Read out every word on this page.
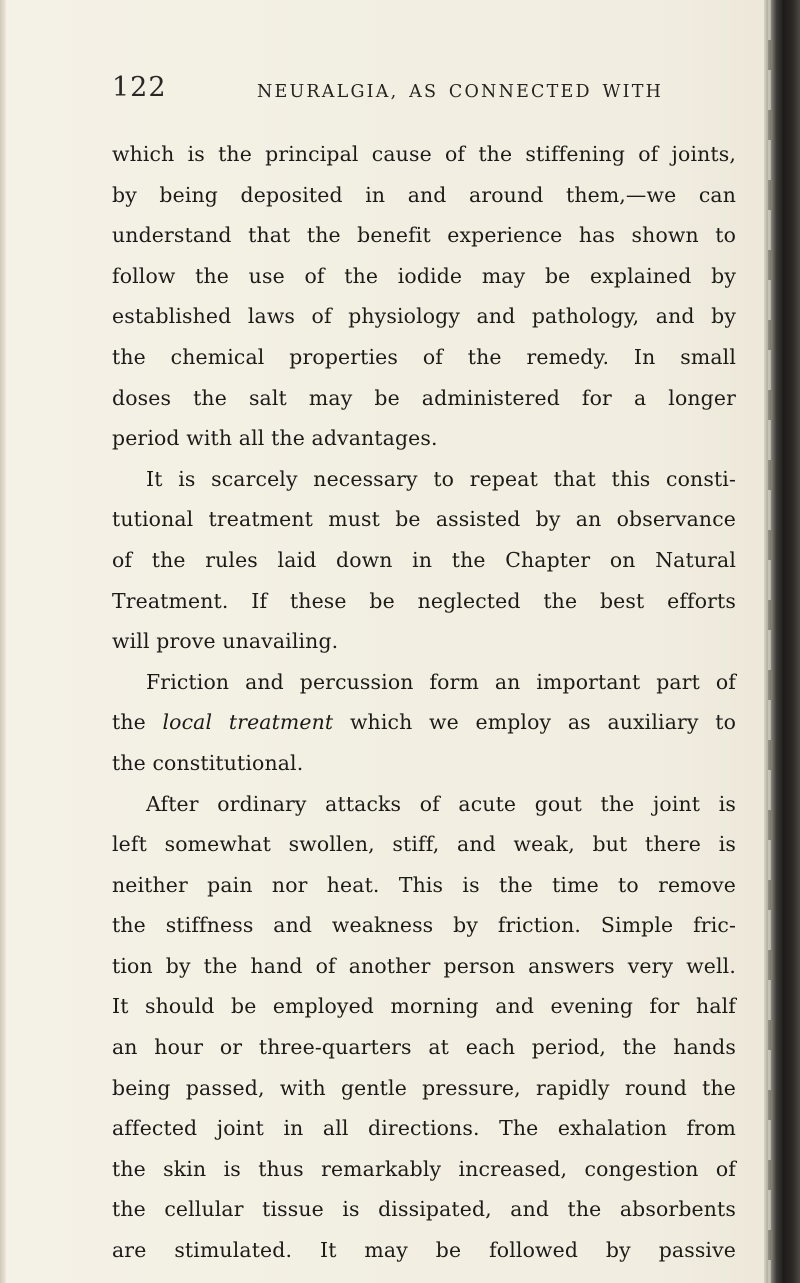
122	NEURALGIA, AS CONNECTED WITH
which is the principal cause of the stiffening of joints,
by being deposited in and around them,—we can
understand that the benefit experience has shown to
follow the use of the iodide may be explained by
established laws of physiology and pathology, and by
the chemical properties of the remedy. In small
doses the salt may be administered for a longer
period with all the advantages.
It is scarcely necessary to repeat that this consti-
tutional treatment must be assisted by an observance
of the rules laid down in the Chapter on Natural
Treatment. If these be neglected the best efforts
will prove unavailing.
Friction and percussion form an important part of
the local treatment which we employ as auxiliary to
the constitutional.
After ordinary attacks of acute gout the joint is
left somewhat swollen, stiff, and weak, but there is
neither pain nor heat. This is the time to remove
the stiffness and weakness by friction. Simple fric-
tion by the hand of another person answers very well.
It should be employed morning and evening for half
an hour or three-quarters at each period, the hands
being passed, with gentle pressure, rapidly round the
affected joint in all directions. The exhalation from
the skin is thus remarkably increased, congestion of
the cellular tissue is dissipated, and the absorbents
are stimulated. It may be followed by passive
